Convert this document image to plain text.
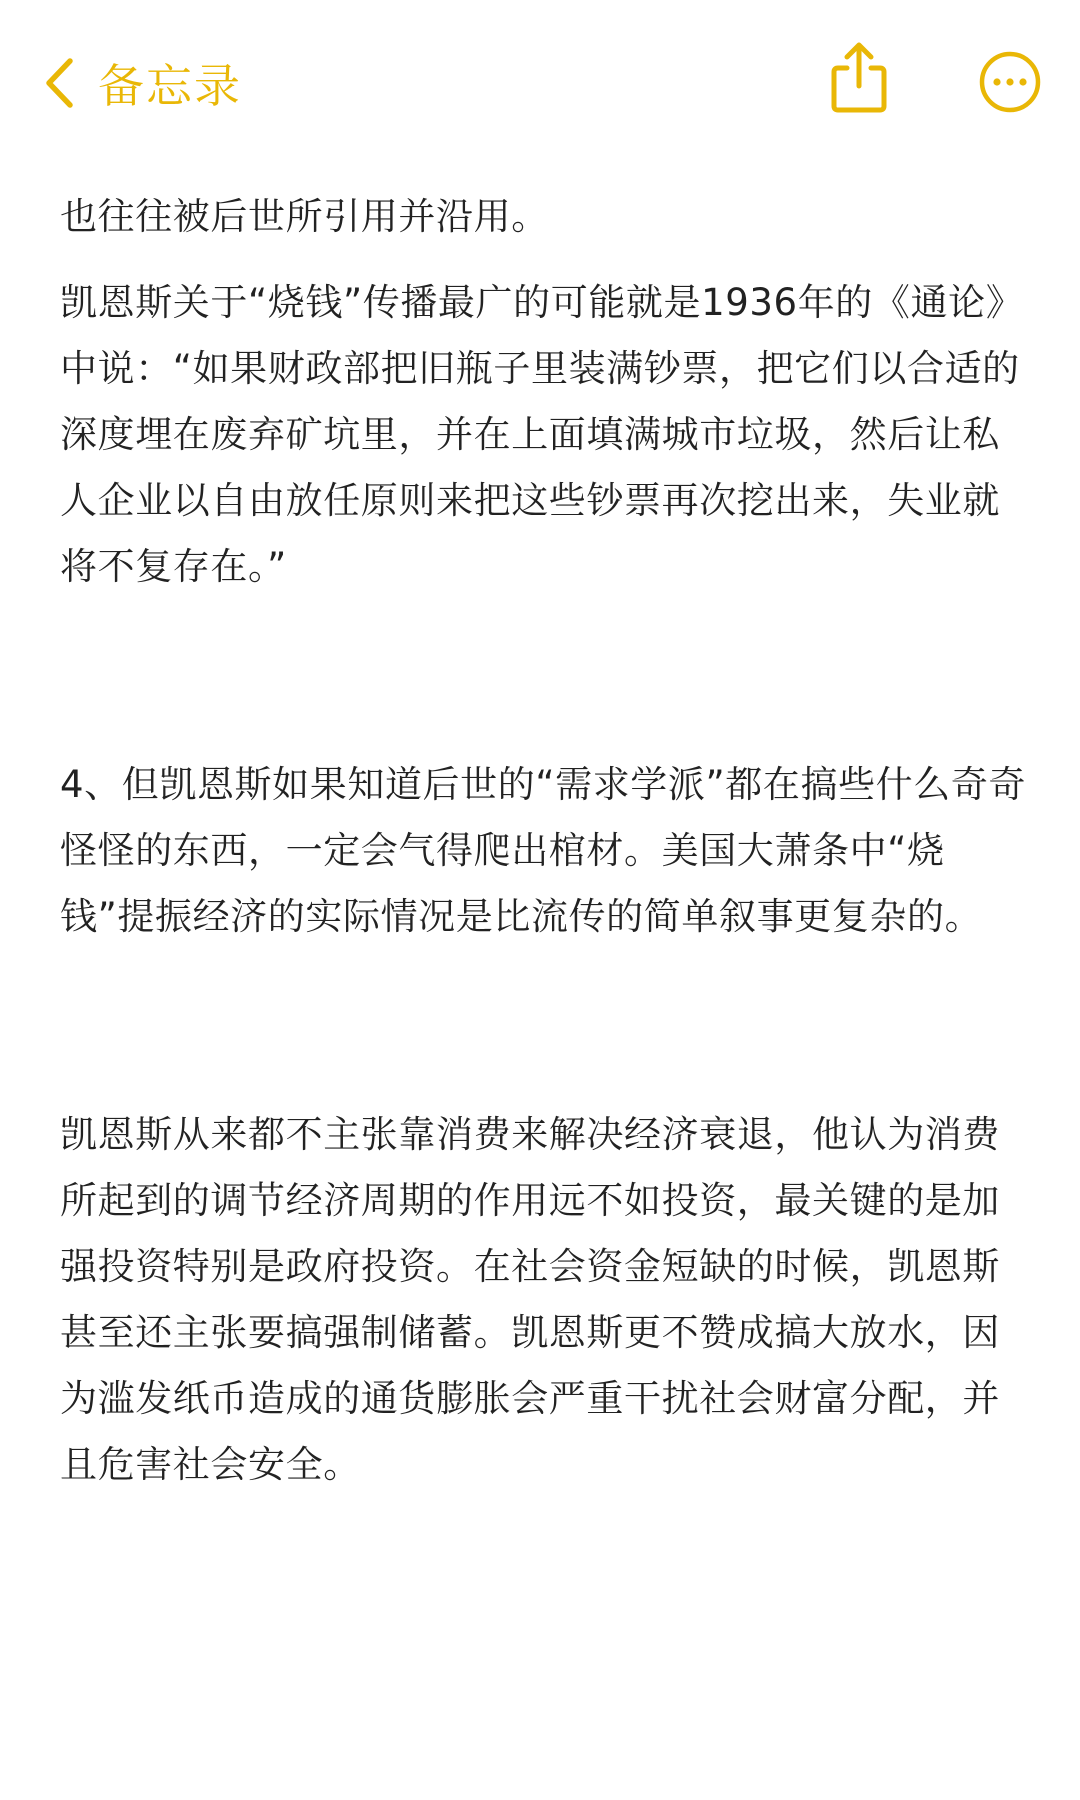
备忘录

也往往被后世所引用并沿用。

凯恩斯关于“烧钱”传播最广的可能就是1936年的《通论》中说：“如果财政部把旧瓶子里装满钞票，把它们以合适的深度埋在废弃矿坑里，并在上面填满城市垃圾，然后让私人企业以自由放任原则来把这些钞票再次挖出来，失业就将不复存在。”

4、但凯恩斯如果知道后世的“需求学派”都在搞些什么奇奇怪怪的东西，一定会气得爬出棺材。美国大萧条中“烧钱”提振经济的实际情况是比流传的简单叙事更复杂的。

凯恩斯从来都不主张靠消费来解决经济衰退，他认为消费所起到的调节经济周期的作用远不如投资，最关键的是加强投资特别是政府投资。在社会资金短缺的时候，凯恩斯甚至还主张要搞强制储蓄。凯恩斯更不赞成搞大放水，因为滥发纸币造成的通货膨胀会严重干扰社会财富分配，并且危害社会安全。
